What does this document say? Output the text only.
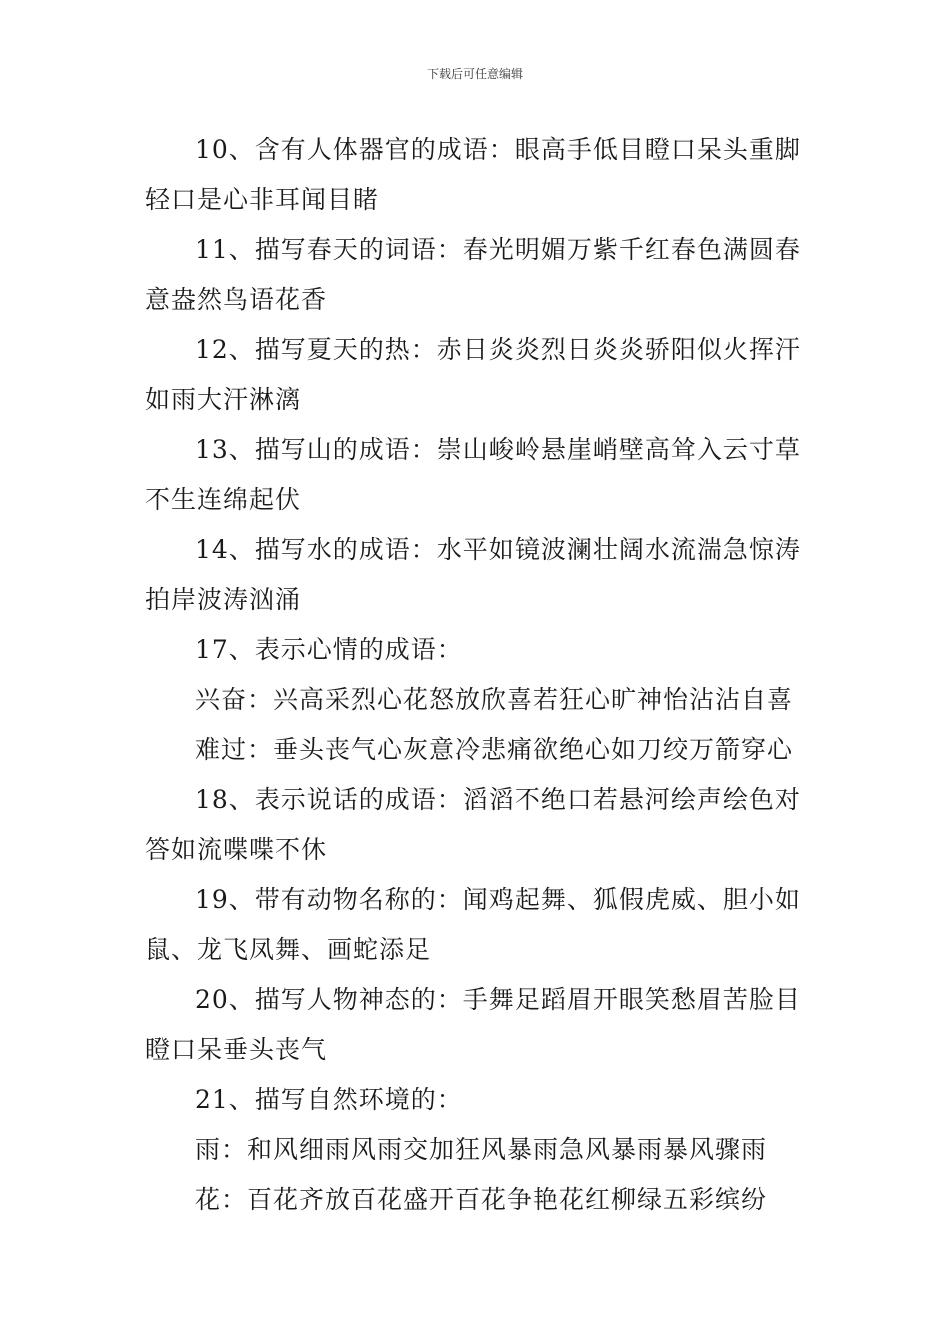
下载后可任意编辑

10、含有人体器官的成语：眼高手低目瞪口呆头重脚轻口是心非耳闻目睹

11、描写春天的词语：春光明媚万紫千红春色满圆春意盎然鸟语花香

12、描写夏天的热：赤日炎炎烈日炎炎骄阳似火挥汗如雨大汗淋漓

13、描写山的成语：崇山峻岭悬崖峭壁高耸入云寸草不生连绵起伏

14、描写水的成语：水平如镜波澜壮阔水流湍急惊涛拍岸波涛汹涌

17、表示心情的成语：

兴奋：兴高采烈心花怒放欣喜若狂心旷神怡沾沾自喜

难过：垂头丧气心灰意冷悲痛欲绝心如刀绞万箭穿心

18、表示说话的成语：滔滔不绝口若悬河绘声绘色对答如流喋喋不休

19、带有动物名称的：闻鸡起舞、狐假虎威、胆小如鼠、龙飞凤舞、画蛇添足

20、描写人物神态的：手舞足蹈眉开眼笑愁眉苦脸目瞪口呆垂头丧气

21、描写自然环境的：

雨：和风细雨风雨交加狂风暴雨急风暴雨暴风骤雨

花：百花齐放百花盛开百花争艳花红柳绿五彩缤纷
